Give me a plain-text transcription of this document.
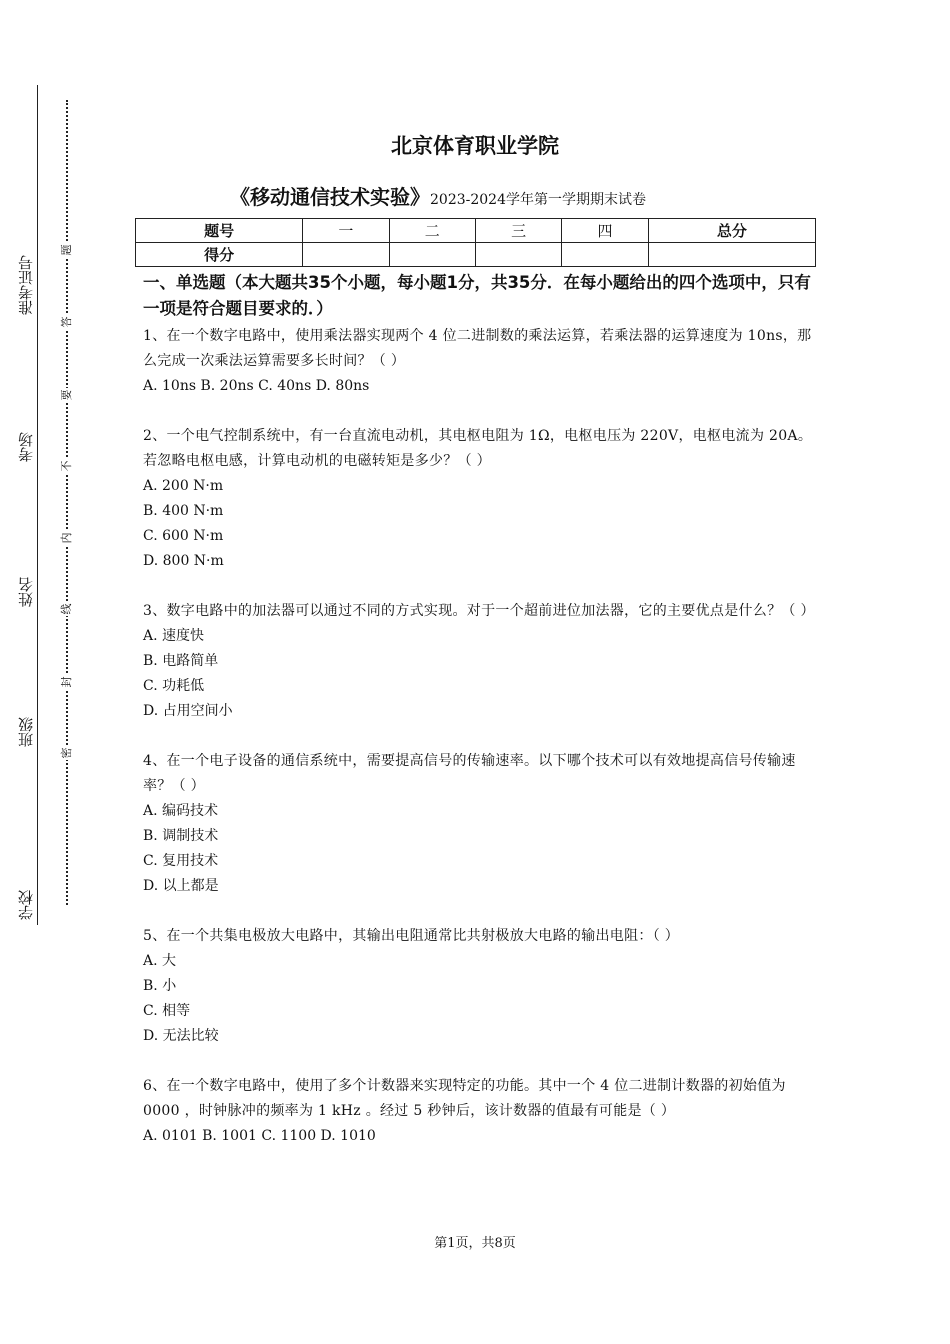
准考证号
考场
姓名
班级
学校
题
答
要
不
内
线
封
密
北京体育职业学院
《移动通信技术实验》2023-2024学年第一学期期末试卷
题号	一	二	三	四	总分
得分					

一、单选题（本大题共35个小题，每小题1分，共35分．在每小题给出的四个选项中，只有一项是符合题目要求的．）

1、在一个数字电路中，使用乘法器实现两个 4 位二进制数的乘法运算，若乘法器的运算速度为 10ns，那么完成一次乘法运算需要多长时间？（ ）

A. 10ns B. 20ns C. 40ns D. 80ns

2、一个电气控制系统中，有一台直流电动机，其电枢电阻为 1Ω，电枢电压为 220V，电枢电流为 20A。若忽略电枢电感，计算电动机的电磁转矩是多少？（ ）

A. 200 N·m

B. 400 N·m

C. 600 N·m

D. 800 N·m

3、数字电路中的加法器可以通过不同的方式实现。对于一个超前进位加法器，它的主要优点是什么？（ ）

A. 速度快

B. 电路简单

C. 功耗低

D. 占用空间小

4、在一个电子设备的通信系统中，需要提高信号的传输速率。以下哪个技术可以有效地提高信号传输速率？（ ）

A. 编码技术

B. 调制技术

C. 复用技术

D. 以上都是

5、在一个共集电极放大电路中，其输出电阻通常比共射极放大电路的输出电阻：（ ）

A. 大

B. 小

C. 相等

D. 无法比较

6、在一个数字电路中，使用了多个计数器来实现特定的功能。其中一个 4 位二进制计数器的初始值为 0000 ，时钟脉冲的频率为 1 kHz 。经过 5 秒钟后，该计数器的值最有可能是（ ）

A. 0101 B. 1001 C. 1100 D. 1010

第1页，共8页
